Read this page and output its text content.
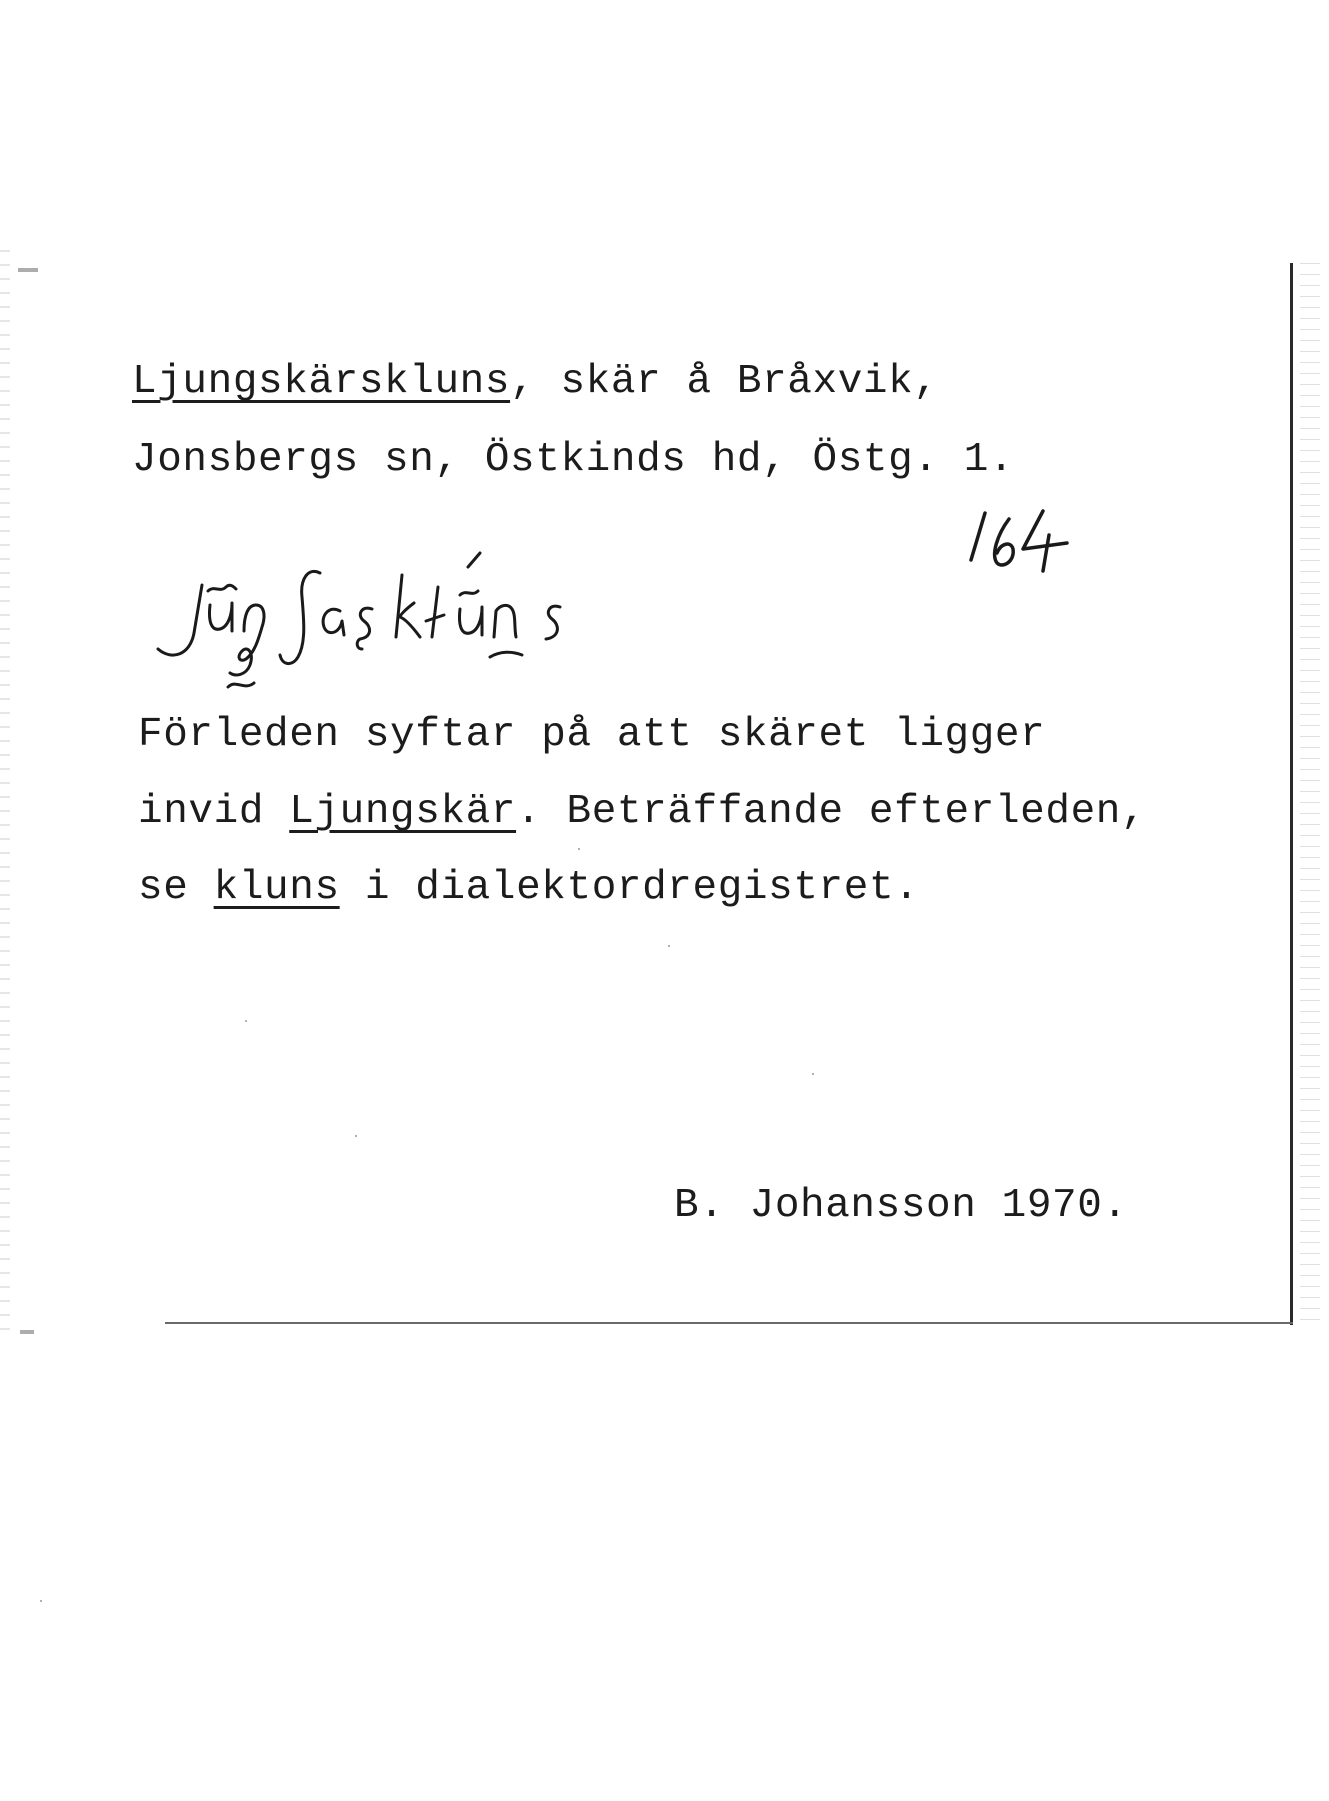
Ljungskärskluns, skär å Bråxvik,
Jonsbergs sn, Östkinds hd, Östg. 1.
Förleden syftar på att skäret ligger
invid Ljungskär. Beträffande efterleden,
se kluns i dialektordregistret.
B. Johansson 1970.
